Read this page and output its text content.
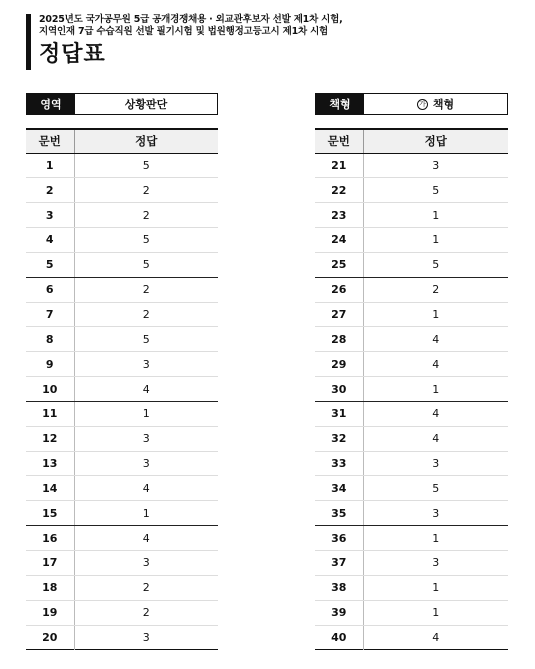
2025년도 국가공무원 5급 공개경쟁채용 · 외교관후보자 선발 제1차 시험,
지역인재 7급 수습직원 선발 필기시험 및 법원행정고등고시 제1차 시험
정답표
영역	상황판단	책형	가 책형
문번	정답
1	5
2	2
3	2
4	5
5	5
6	2
7	2
8	5
9	3
10	4
11	1
12	3
13	3
14	4
15	1
16	4
17	3
18	2
19	2
20	3
문번	정답
21	3
22	5
23	1
24	1
25	5
26	2
27	1
28	4
29	4
30	1
31	4
32	4
33	3
34	5
35	3
36	1
37	3
38	1
39	1
40	4
